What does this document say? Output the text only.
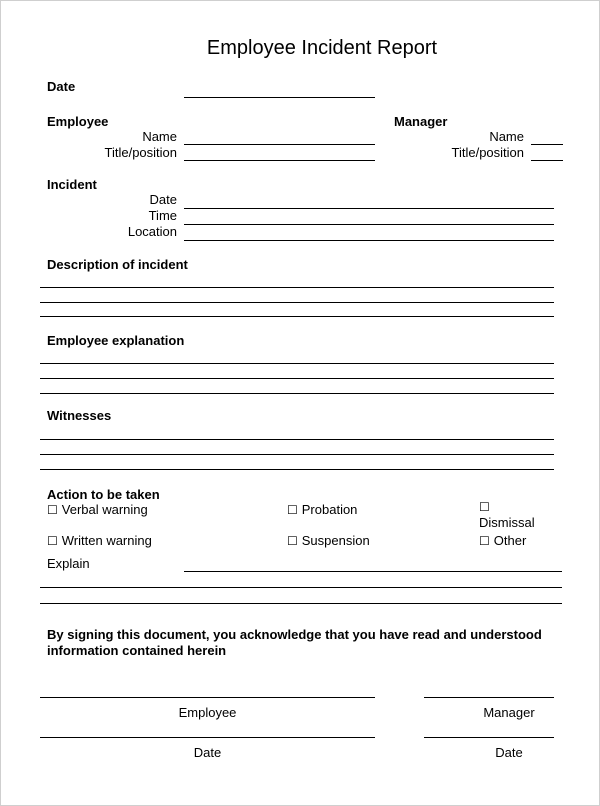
Employee Incident Report
Date
Employee
Name
Title/position
Manager
Name
Title/position
Incident
Date
Time
Location
Description of incident
Employee explanation
Witnesses
Action to be taken
☐ Verbal warning	☐ Probation	☐
Dismissal
☐ Written warning	☐ Suspension	☐ Other
Explain
By signing this document, you acknowledge that you have read and understood information contained herein
Employee	Manager
Date	Date
